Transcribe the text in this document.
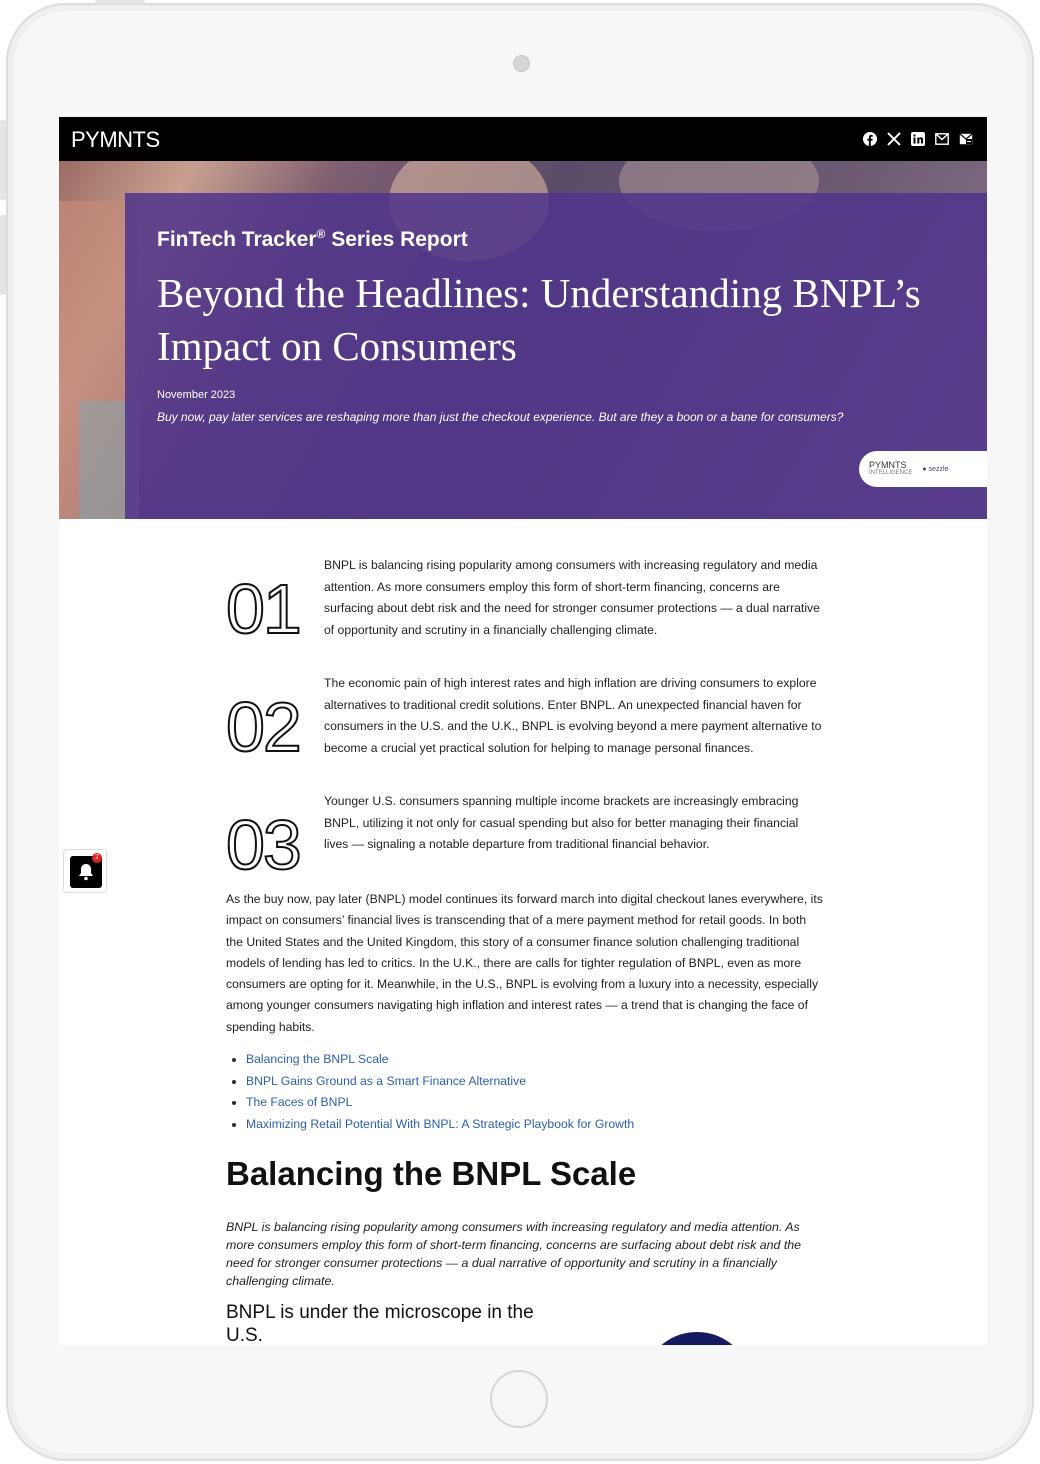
PYMNTS
FinTech Tracker® Series Report
Beyond the Headlines: Understanding BNPL’s Impact on Consumers
November 2023
Buy now, pay later services are reshaping more than just the checkout experience. But are they a boon or a bane for consumers?
PYMNTS
INTELLIGENCE
● sezzle
01
BNPL is balancing rising popularity among consumers with increasing regulatory and media attention. As more consumers employ this form of short-term financing, concerns are surfacing about debt risk and the need for stronger consumer protections — a dual narrative of opportunity and scrutiny in a financially challenging climate.
02
The economic pain of high interest rates and high inflation are driving consumers to explore alternatives to traditional credit solutions. Enter BNPL. An unexpected financial haven for consumers in the U.S. and the U.K., BNPL is evolving beyond a mere payment alternative to become a crucial yet practical solution for helping to manage personal finances.
03
Younger U.S. consumers spanning multiple income brackets are increasingly embracing BNPL, utilizing it not only for casual spending but also for better managing their financial lives — signaling a notable departure from traditional financial behavior.
As the buy now, pay later (BNPL) model continues its forward march into digital checkout lanes everywhere, its impact on consumers’ financial lives is transcending that of a mere payment method for retail goods. In both the United States and the United Kingdom, this story of a consumer finance solution challenging traditional models of lending has led to critics. In the U.K., there are calls for tighter regulation of BNPL, even as more consumers are opting for it. Meanwhile, in the U.S., BNPL is evolving from a luxury into a necessity, especially among younger consumers navigating high inflation and interest rates — a trend that is changing the face of spending habits.
• Balancing the BNPL Scale
• BNPL Gains Ground as a Smart Finance Alternative
• The Faces of BNPL
• Maximizing Retail Potential With BNPL: A Strategic Playbook for Growth
Balancing the BNPL Scale
BNPL is balancing rising popularity among consumers with increasing regulatory and media attention. As more consumers employ this form of short-term financing, concerns are surfacing about debt risk and the need for stronger consumer protections — a dual narrative of opportunity and scrutiny in a financially challenging climate.
BNPL is under the microscope in the U.S.
2
